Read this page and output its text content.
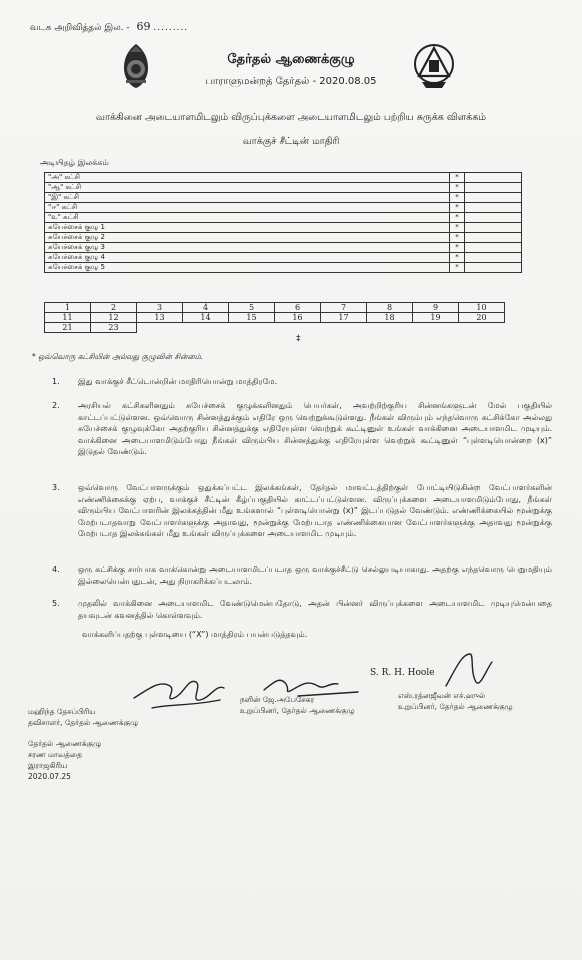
வடக அறிவித்தல் இல. - 69 .........
தேர்தல் ஆணைக்குழு
பாராளுமன்றத் தேர்தல் - 2020.08.05
வாக்கினை அடையாளமிடலும் விருப்புக்களை அடையாளமிடலும் பற்றிய சுருக்க விளக்கம்
வாக்குச் சீட்டின் மாதிரி
அடியிதழ் இலக்கம்
"அ" கட்சி	*	
"ஆ" கட்சி	*	
"இ" கட்சி	*	
"ஈ" கட்சி	*	
"உ" கட்சி	*	
சுயேச்சைக் குழு 1	*	
சுயேச்சைக் குழு 2	*	
சுயேச்சைக் குழு 3	*	
சுயேச்சைக் குழு 4	*	
சுயேச்சைக் குழு 5	*	
1	2	3	4	5	6	7	8	9	10
11	12	13	14	15	16	17	18	19	20
21	23								
‡
* ஒவ்வொரு கட்சியின் அல்லது குழுவின் சின்னம்.
1. இது வாக்குச் சீட்டொன்றின் மாதிரியொன்று மாத்திரமே.
2. அரசியல் கட்சிகளினதும் சுயேச்சைக் குழுக்களினதும் பெயர்கள், அவற்றிற்குரிய சின்னங்களுடன் மேல் பகுதியில் காட்டப்பட்டுள்ளன. ஒவ்வொரு சின்னத்துக்கும் எதிரே ஒரு வெற்றுக்கூடுள்ளது. நீங்கள் விரும்பும் எந்தவொரு கட்சிக்கோ அல்லது சுயேச்சைக் குழுவுக்கோ அதற்குரிய சின்னத்துக்கு எதிரேயுள்ள வெற்றுக் கூட்டினுள் உங்கள் வாக்கினை அடையாளமிட முடியும். வாக்கினை அடையாளமிடும்போது நீங்கள் விரும்பிய சின்னத்துக்கு எதிரேயுள்ள வெற்றுக் கூட்டினுள் “புள்ளடியொன்றை (x)” இடுதல் வேண்டும்.
3. ஒவ்வொரு வேட்பாளருக்கும் ஒதுக்கப்பட்ட இலக்கங்கள், தேர்தல் மாவட்டத்திற்குள் போட்டியிடுகின்ற வேட்பாளர்களின் எண்ணிக்கைக்கு ஏற்ப, வாக்குச் சீட்டின் கீழ்ப்பகுதியில் காட்டப்பட்டுள்ளன. விருப்புக்களை அடையாளமிடும்போது, நீங்கள் விரும்பிய வேட்பாளரின் இலக்கத்தின் மீது உங்களால் “புள்ளடியொன்று (x)” இடப்படுதல் வேண்டும். எண்ணிக்கையில் மூன்றுக்கு மேற்படாதவாறு வேட்பாளர்களுக்கு அதாவது, மூன்றுக்கு மேற்படாத எண்ணிக்கையான வேட்பாளர்களுக்கு அதாவது மூன்றுக்கு மேற்படாத இலக்கங்கள் மீது உங்கள் விருப்புக்களை அடையாளமிட முடியும்.
4. ஒரு கட்சிக்கு சார்பாக வாக்கொன்று அடையாளமிடப்படாத ஒரு வாக்குச்சீட்டு செல்லுபடியாகாது. அதற்கு எந்தவொரு பெறுமதியும் இல்லையென்பதுடன், அது நிராகரிக்கப்படலாம்.
5. முதலில் வாக்கினை அடையாளமிட வேண்டுமென்பதோடு, அதன் பின்னர் விருப்புக்களை அடையாளமிட முடியுமென்பதை தயவுடன் கவனத்தில் கொள்ளவும்.
வாக்களிப்பதற்கு புள்ளடியை (“X”) மாத்திரம் பயன்படுத்தவும்.
S. R. H. Hoole
மஹிந்த தேசப்பிரிய
தவிசாளர், தேர்தல் ஆணைக்குழு
நளின் ஜே.அபேசேகர
உறுப்பினர், தேர்தல் ஆணைக்குழு
எஸ்.ரத்னஜீவன் எச்.ஹுல்
உறுப்பினர், தேர்தல் ஆணைக்குழு
தேர்தல் ஆணைக்குழு
சரண மாவத்தை
இராஜகிரிய
2020.07.25
